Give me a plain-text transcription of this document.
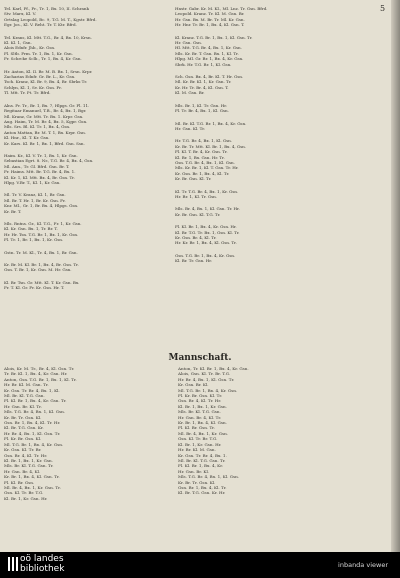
5
Tel. Karl, Pf., Fr., Tr. 1, Bx. 10, II. Schrank
Stv. Marx, Kl. V.
Ortslag Leopold, Bc. 9, T.G. M. T., Kgstr. Bfrd.
Egr. Jos., Kl. V. Reht. Tr. T. Ktr. Bfrd.
Tel. Krans, Kl. Mtt. T.G., Br. 4, Bx. 10, Krsn.
Kl. Kl. 1, Gsn.
Alois Ednfr. Jhb., Kr. Gsn.
Fl. Sltb. Frm. Tr. 1, Bx. 1, Kr. Gsn.
Fr. Schrcke Sclb., Tr. 1, Bx. 4, Kr. Gsn.
Hr. Anton, Kl. II. Br. M. B. Bx. 1, Srsn. Krpr.
Zacharias Ednfr. Gr. Br. L., Kr. Gsn.
Tsch. Kranz, Kl. Br. 9, Bx. 4, Br. Sbrks Tr.
Schlyn, Kl. 1, Sv. Kr. Gsn. Fr.
Tl. Mtt. Tr. Pt. Tr. Bfrd.
Alns. Fr. Tr., Br. 1, Bx. 7, Hlpgs. Gr. Fl. 11.
Regitaar Emanuel, T.B., Br. 4, Bx. 1, Bgr.
Ml. Kranz, Gr. Mtt. Tr. Bx. 1. Krpr. Gsn.
Aug. Haim, Tr. M. Br. 4, Bx. 5, Kgpr. Gsn.
Mls. Srs. Bl. Kl. Tr. 1, Bx. 4, Gsn.
Anton Mattan, Br. M. T. 1, Bx. Krpr. Gsn.
Kl. Hnr., Kl. T. Kr. Gsn.
Kr. Kars. Kl. Br. 1, Bx. 1, Bfrd. Gsn. Ssn.
Haim. Kr., Kl. V. Tr. 1, Bx. 1, Kr. Gsn.
Sebastian Egrt. 8. Nr., T.G. Br. 4, Bx. 4, Gsn.
Ml. Ann., Tr. Gl. Bfrd. Gsn. Br. T.
Fr. Haims. Mtt. Br. T.G. Br. 4, Bx. 1.
Kl. Kr. 1, Kl. Mtt. Bx. 4, Br. Gsn. Tr.
Hlpg. V.Br. T., Kl. 1, Kr. Gsn.
Ml. Tr. V. Kranz, Kl. 1, Br. Gsn.
Ml. Br. T. Hr. 1, Br. Kr. Gsn. Fr.
Knr. Ml., Gr. 1, Br. Bx. 4, Hlpgs. Gsn.
Kr. Br. T.
Mls. Rntns. Gr., Kl. T.G., Fr. 1, Kr. Gsn.
Kl. Kr. Gsn. Bx. 1, Tr. Br. T.
Hr. Hr. Tsn. T.G. Br. 1, Bx. 1, Kr. Gsn.
Fl. Tr. 1, Br. 1, Bx. 1, Kr. Gsn.
Gstn. Tr. M. Kl., Tr. 4, Bx. 1, Br. Gsn.
Kr. Br. M. Kl. Br. 1, Bx. 4, Br. Gsn. Tr.
Gsn. T. Br. 1, Kr. Gsn. M. Hr. Gsn.
Kl. Br. Tsn. Gr. Mtt. Kl. T. Kr. Gsn. Bx.
Fr. T. Kl. Gr. Fr. Kr. Gsn. Hr. T.
Hnstr. Gabr. Kr. M. Kl., Ml. Lnz. Tr. Gsn. Bfrd.
Leopold. Kranz. Tr. Kl. M. Gsn. Br.
Hr. Gsn. Bx. M. Br. Tr. Ml. Kr. Gsn.
Hr. Hnr. Tr. Br. 1, Bx. 4, Kl. Gsn. T.
Kl. Kranz. T.G. Br. 1, Bx. 1, Kl. Gsn. Tr.
Hr. Gsn. Gsn.
Hl. Mtt. T.G. Br. 4, Bx. 1, Kr. Gsn.
Mls. Kr. Br. T. Gsn. Bx. 1, Kl. Tr.
Hlpg. Ml. Gr. Br. 1, Bx. 4, Kr. Gsn.
Sbrk. Hr. T.G. Br. 1, Kl. Gsn.
Sch. Gsn. Bx. 4, Br. Kl. T. Hr. Gsn.
Ml. Kr. Br. Kl. 1, Kr. Gsn. Tr.
Kr. Hr. Tr. Br. 4, Kl. Gsn. T.
Kl. M. Gsn. Br.
Mls. Br. 1, Kl. Tr. Gsn. Hr.
Fl. Tr. Br. 4, Bx. 1, Kl. Gsn.
Ml. Br. Kl. T.G. Br. 1, Bx. 4, Kr. Gsn.
Hr. Gsn. Kl. Tr.
Hr. T.G. Br. 4, Bx. 1, Kl. Gsn.
Kr. Br. Tr. Mtt. Kl. Br. 1, Bx. 4, Gsn.
Fl. Kl. T. Br. 4, Kr. Gsn. Tr.
Kl. Br. 1, Bx. Gsn. Hr. Tr.
Gsn. T.G. Br. 4, Bx. 1, Kl. Gsn.
Mls. Kr. Br. 1, Kl. T. Gsn. Tr. Hr.
Kr. Gsn. Br. 1, Bx. 4, Kl. Tr.
Kr. Br. Gsn. Kl. Tr.
Kl. Tr. T.G. Br. 4, Bx. 1, Kr. Gsn.
Hr. Br. 1, Kl. Tr. Gsn.
Mls. Br. 4, Bx. 1, Kl. Gsn. Tr. Hr.
Kr. Br. Gsn. Kl. T.G. Tr.
Fl. Kl. Br. 1, Bx. 4, Kr. Gsn. Hr.
Kl. Br. T.G. Tr. Bx. 1, Gsn. Kl. Tr.
Kr. Gsn. Br. 4, Kl. Tr.
Hr. Kr. Br. 1, Bx. 4, Kl. Gsn. Tr.
Gsn. T.G. Br. 1, Bx. 4, Kr. Gsn.
Kl. Br. Tr. Gsn. Hr.
Mannschaft.
Alois, Kr. M. Tr., Br. 4, Kl. Gsn. Tr.
Tr. Br. Kl. 1, Bx. 4, Kr. Gsn. Hr.
Anton, Gsn. T.G. Br. 1, Bx. 1, Kl. Tr.
Hr. Br. Kl. M. Gsn. Tr.
Kr. Gsn. Tr. Br. 4, Bx. 1, Kl.
Ml. Br. Kl. T.G. Gsn.
Fl. Kl. Br. 1, Bx. 4, Kr. Gsn. Tr.
Hr. Gsn. Br. Kl. Tr.
Mls. T.G. Br. 4, Bx. 1, Kl. Gsn.
Kr. Br. Tr. Gsn. Kl.
Gsn. Br. 1, Bx. 4, Kl. Tr. Hr.
Kl. Br. T.G. Gsn. Kr.
Hr. Br. 4, Bx. 1, Kl. Gsn. Tr.
Fl. Kr. Br. Gsn. Kl.
Ml. T.G. Br. 1, Bx. 4, Kr. Gsn.
Kr. Gsn. Kl. Tr. Br.
Gsn. Br. 4, Kl. Tr. Hr.
Kl. Br. 1, Bx. 1, Kr. Gsn.
Mls. Br. Kl. T.G. Gsn. Tr.
Hr. Gsn. Br. 4, Kl.
Kr. Br. 1, Bx. 4, Kl. Gsn. Tr.
Fl. Kl. Br. Gsn.
Ml. Br. 4, Bx. 1, Kr. Gsn. Tr.
Gsn. Kl. Tr. Br. T.G.
Kl. Br. 1, Kr. Gsn. Hr.
Anton, Tr. Kl. Br. 1, Bx. 4, Kr. Gsn.
Alois, Gsn. Kl. Tr. Br. T.G.
Hr. Br. 4, Bx. 1, Kl. Gsn. Tr.
Kr. Gsn. Br. Kl.
Ml. T.G. Br. 1, Bx. 4, Kr. Gsn.
Fl. Kr. Br. Gsn. Kl. Tr.
Gsn. Br. 4, Kl. Tr. Hr.
Kl. Br. 1, Bx. 1, Kr. Gsn.
Mls. Br. Kl. T.G. Gsn.
Hr. Gsn. Br. 4, Kl. Tr.
Kr. Br. 1, Bx. 4, Kl. Gsn.
Fl. Kl. Br. Gsn. Tr.
Ml. Br. 4, Bx. 1, Kr. Gsn.
Gsn. Kl. Tr. Br. T.G.
Kl. Br. 1, Kr. Gsn. Hr.
Hr. Br. Kl. M. Gsn.
Kr. Gsn. Tr. Br. 4, Bx. 1.
Ml. Br. Kl. T.G. Gsn. Tr.
Fl. Kl. Br. 1, Bx. 4, Kr.
Hr. Gsn. Br. Kl.
Mls. T.G. Br. 4, Bx. 1, Kl. Gsn.
Kr. Br. Tr. Gsn. Kl.
Gsn. Br. 1, Bx. 4, Kl. Tr.
Kl. Br. T.G. Gsn. Kr. Hr.
oö landes
bibliothek	inbanda viewer
